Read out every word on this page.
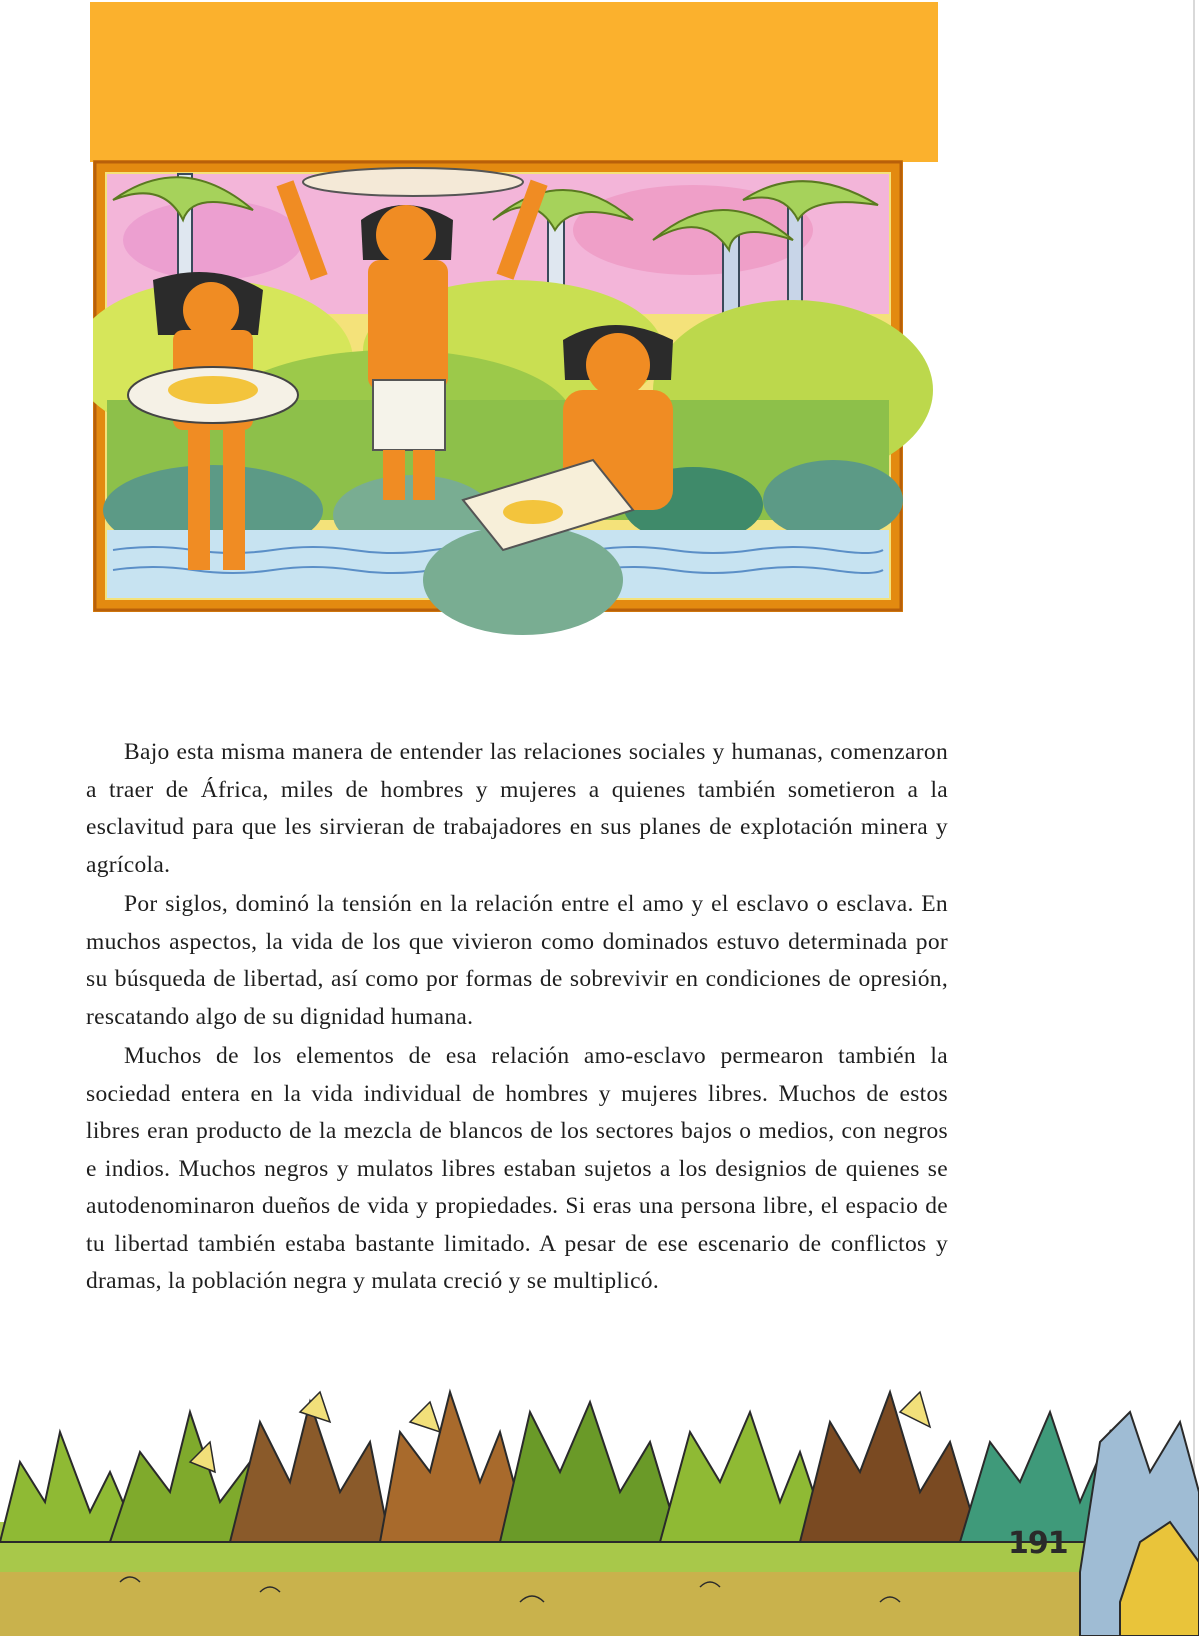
Bajo esta misma manera de entender las relaciones sociales y humanas, comenzaron a traer de África, miles de hombres y mujeres a quienes también sometieron a la esclavitud para que les sirvieran de trabajadores en sus planes de explotación minera y agrícola.

Por siglos, dominó la tensión en la relación entre el amo y el esclavo o esclava. En muchos aspectos, la vida de los que vivieron como dominados estuvo determinada por su búsqueda de libertad, así como por formas de sobrevivir en condiciones de opresión, rescatando algo de su dignidad humana.

Muchos de los elementos de esa relación amo-esclavo permearon también la sociedad entera en la vida individual de hombres y mujeres libres. Muchos de estos libres eran producto de la mezcla de blancos de los sectores bajos o medios, con negros e indios. Muchos negros y mulatos libres estaban sujetos a los designios de quienes se autodenominaron dueños de vida y propiedades. Si eras una persona libre, el espacio de tu libertad también estaba bastante limitado. A pesar de ese escenario de conflictos y dramas, la población negra y mulata creció y se multiplicó.

191
